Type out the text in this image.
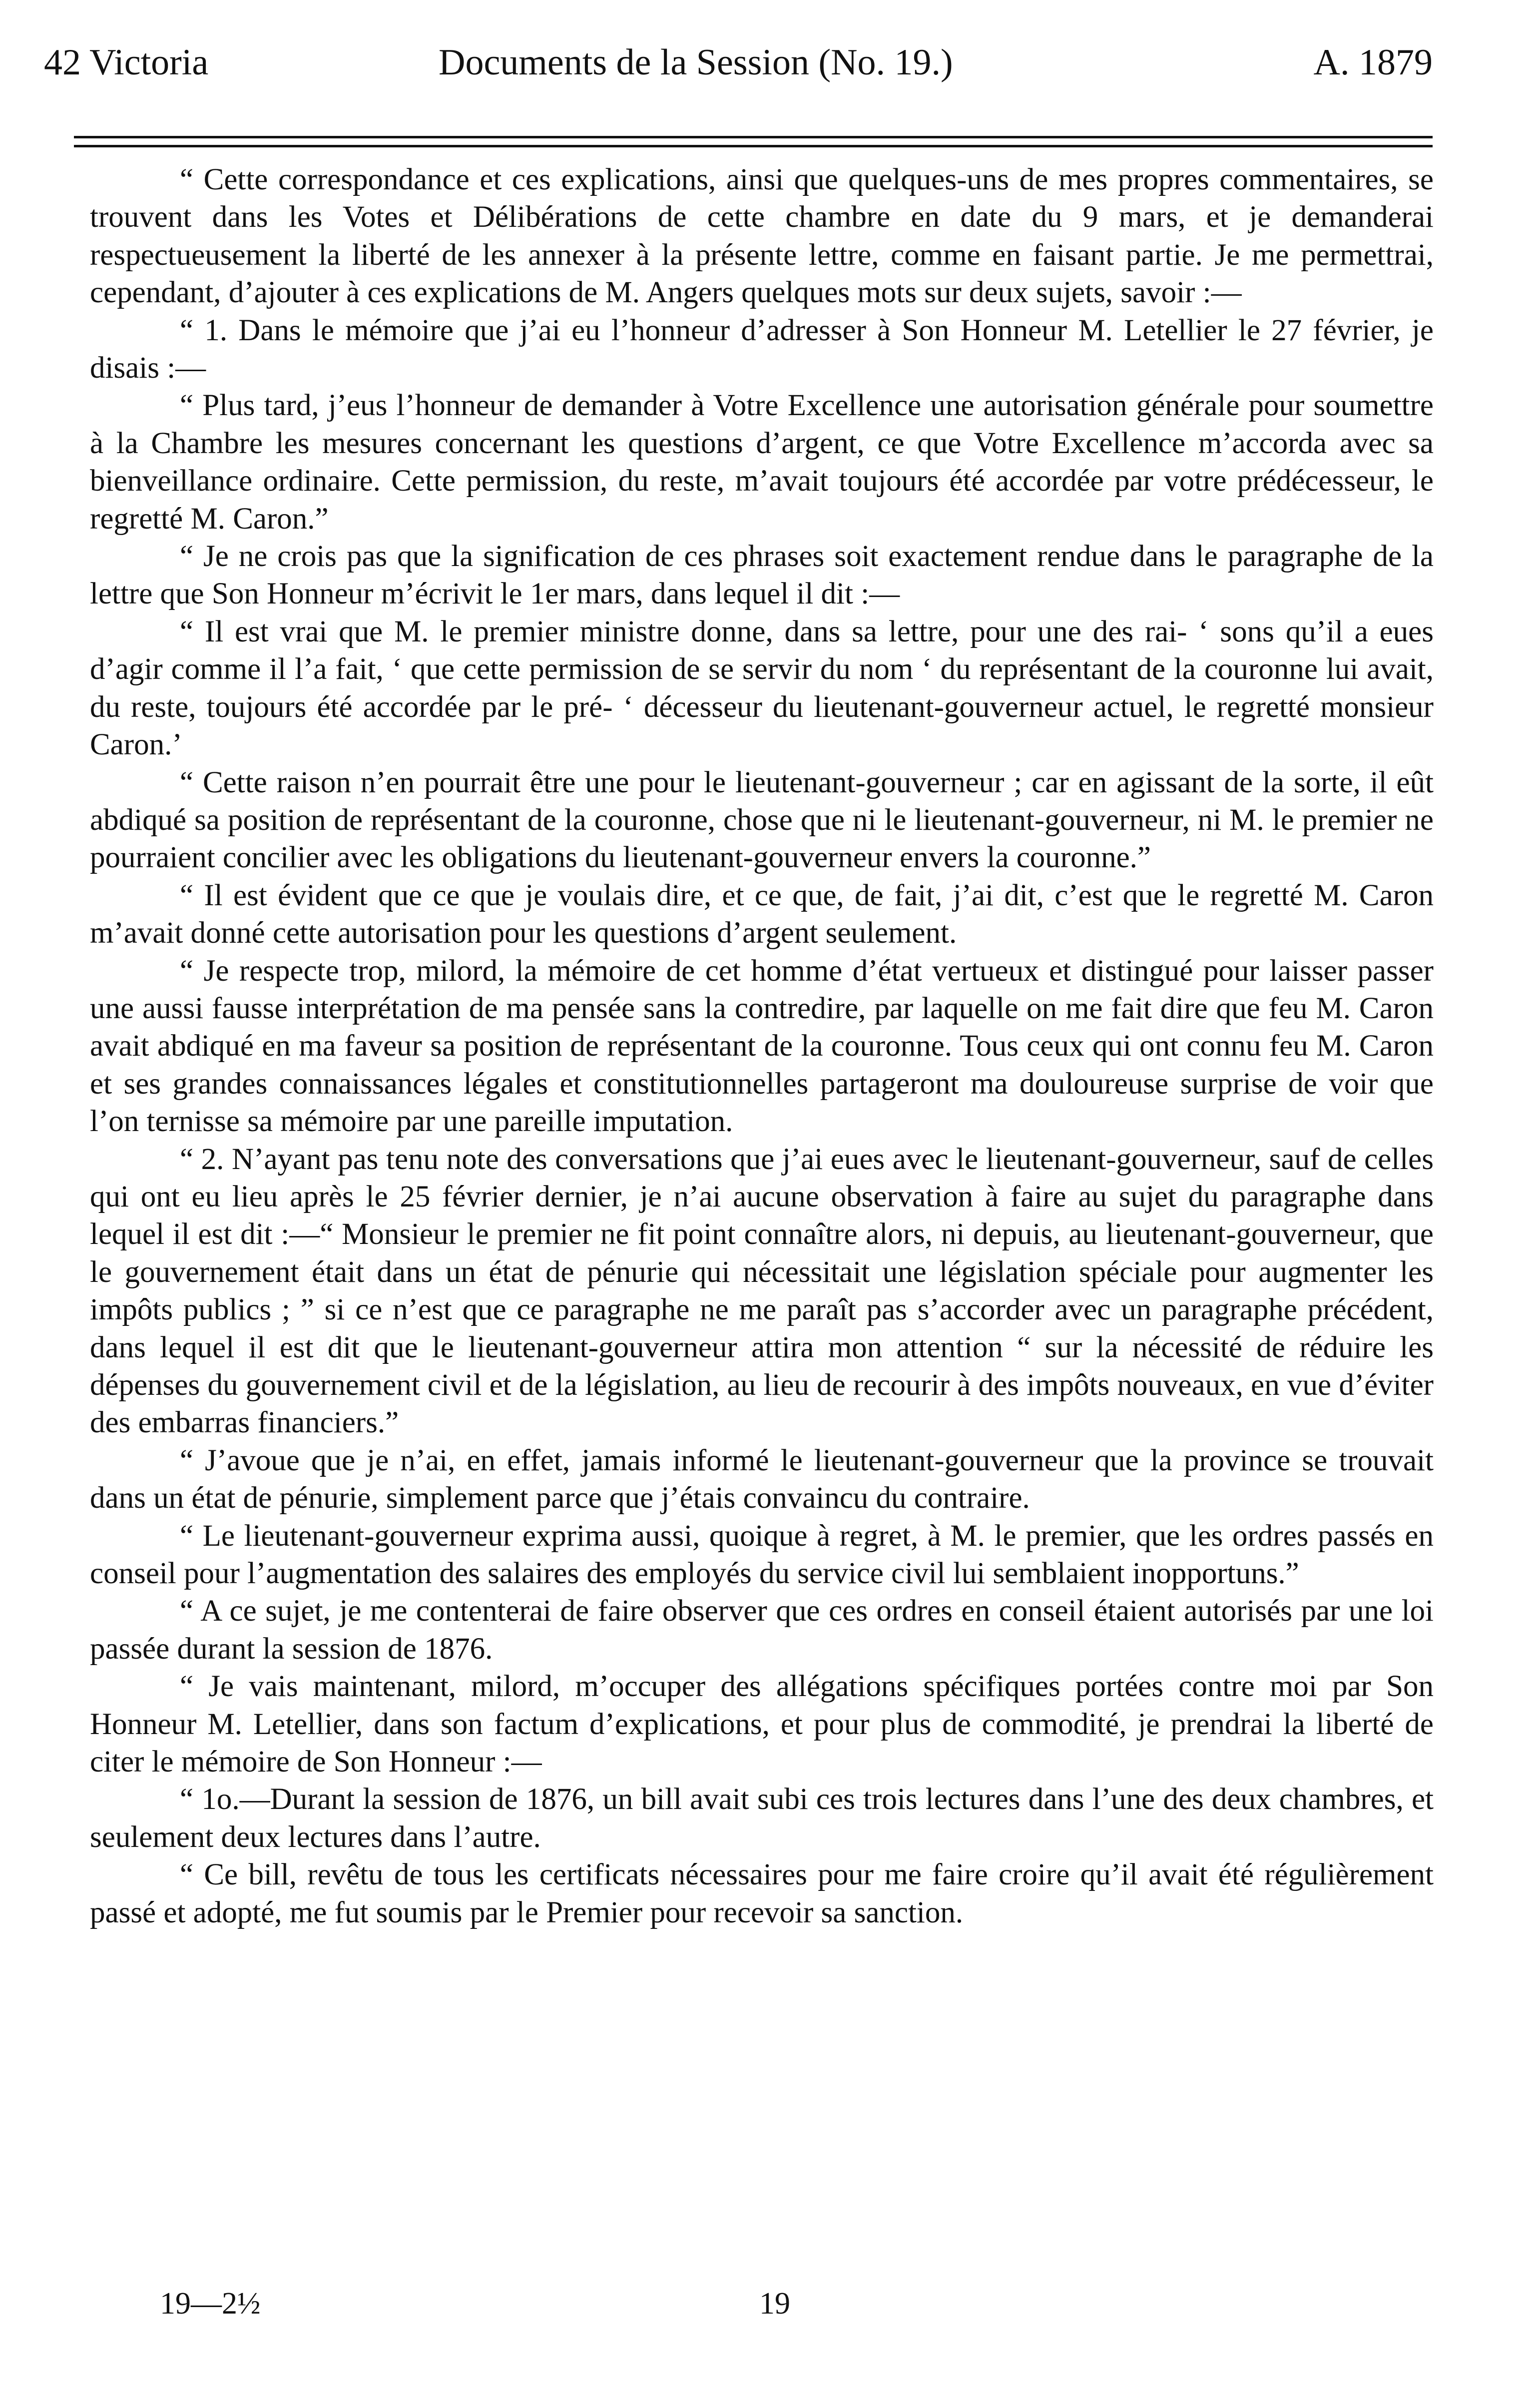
42 Victoria	Documents de la Session (No. 19.)	A. 1879

“ Cette correspondance et ces explications, ainsi que quelques-uns de mes propres commentaires, se trouvent dans les Votes et Délibérations de cette chambre en date du 9 mars, et je demanderai respectueusement la liberté de les annexer à la présente lettre, comme en faisant partie. Je me permettrai, cependant, d’ajouter à ces explications de M. Angers quelques mots sur deux sujets, savoir :—

“ 1. Dans le mémoire que j’ai eu l’honneur d’adresser à Son Honneur M. Letellier le 27 février, je disais :—

“ Plus tard, j’eus l’honneur de demander à Votre Excellence une autorisation générale pour soumettre à la Chambre les mesures concernant les questions d’argent, ce que Votre Excellence m’accorda avec sa bienveillance ordinaire. Cette permission, du reste, m’avait toujours été accordée par votre prédécesseur, le regretté M. Caron.”

“ Je ne crois pas que la signification de ces phrases soit exactement rendue dans le paragraphe de la lettre que Son Honneur m’écrivit le 1er mars, dans lequel il dit :—

“ Il est vrai que M. le premier ministre donne, dans sa lettre, pour une des rai- ‘ sons qu’il a eues d’agir comme il l’a fait, ‘ que cette permission de se servir du nom ‘ du représentant de la couronne lui avait, du reste, toujours été accordée par le pré- ‘ décesseur du lieutenant-gouverneur actuel, le regretté monsieur Caron.’

“ Cette raison n’en pourrait être une pour le lieutenant-gouverneur ; car en agissant de la sorte, il eût abdiqué sa position de représentant de la couronne, chose que ni le lieutenant-gouverneur, ni M. le premier ne pourraient concilier avec les obligations du lieutenant-gouverneur envers la couronne.”

“ Il est évident que ce que je voulais dire, et ce que, de fait, j’ai dit, c’est que le regretté M. Caron m’avait donné cette autorisation pour les questions d’argent seulement.

“ Je respecte trop, milord, la mémoire de cet homme d’état vertueux et distingué pour laisser passer une aussi fausse interprétation de ma pensée sans la contredire, par laquelle on me fait dire que feu M. Caron avait abdiqué en ma faveur sa position de représentant de la couronne. Tous ceux qui ont connu feu M. Caron et ses grandes connaissances légales et constitutionnelles partageront ma douloureuse surprise de voir que l’on ternisse sa mémoire par une pareille imputation.

“ 2. N’ayant pas tenu note des conversations que j’ai eues avec le lieutenant-gouverneur, sauf de celles qui ont eu lieu après le 25 février dernier, je n’ai aucune observation à faire au sujet du paragraphe dans lequel il est dit :—“ Monsieur le premier ne fit point connaître alors, ni depuis, au lieutenant-gouverneur, que le gouvernement était dans un état de pénurie qui nécessitait une législation spéciale pour augmenter les impôts publics ; ” si ce n’est que ce paragraphe ne me paraît pas s’accorder avec un paragraphe précédent, dans lequel il est dit que le lieutenant-gouverneur attira mon attention “ sur la nécessité de réduire les dépenses du gouvernement civil et de la législation, au lieu de recourir à des impôts nouveaux, en vue d’éviter des embarras financiers.”

“ J’avoue que je n’ai, en effet, jamais informé le lieutenant-gouverneur que la province se trouvait dans un état de pénurie, simplement parce que j’étais convaincu du contraire.

“ Le lieutenant-gouverneur exprima aussi, quoique à regret, à M. le premier, que les ordres passés en conseil pour l’augmentation des salaires des employés du service civil lui semblaient inopportuns.”

“ A ce sujet, je me contenterai de faire observer que ces ordres en conseil étaient autorisés par une loi passée durant la session de 1876.

“ Je vais maintenant, milord, m’occuper des allégations spécifiques portées contre moi par Son Honneur M. Letellier, dans son factum d’explications, et pour plus de commodité, je prendrai la liberté de citer le mémoire de Son Honneur :—

“ 1o.—Durant la session de 1876, un bill avait subi ces trois lectures dans l’une des deux chambres, et seulement deux lectures dans l’autre.

“ Ce bill, revêtu de tous les certificats nécessaires pour me faire croire qu’il avait été régulièrement passé et adopté, me fut soumis par le Premier pour recevoir sa sanction.

19—2½	19
